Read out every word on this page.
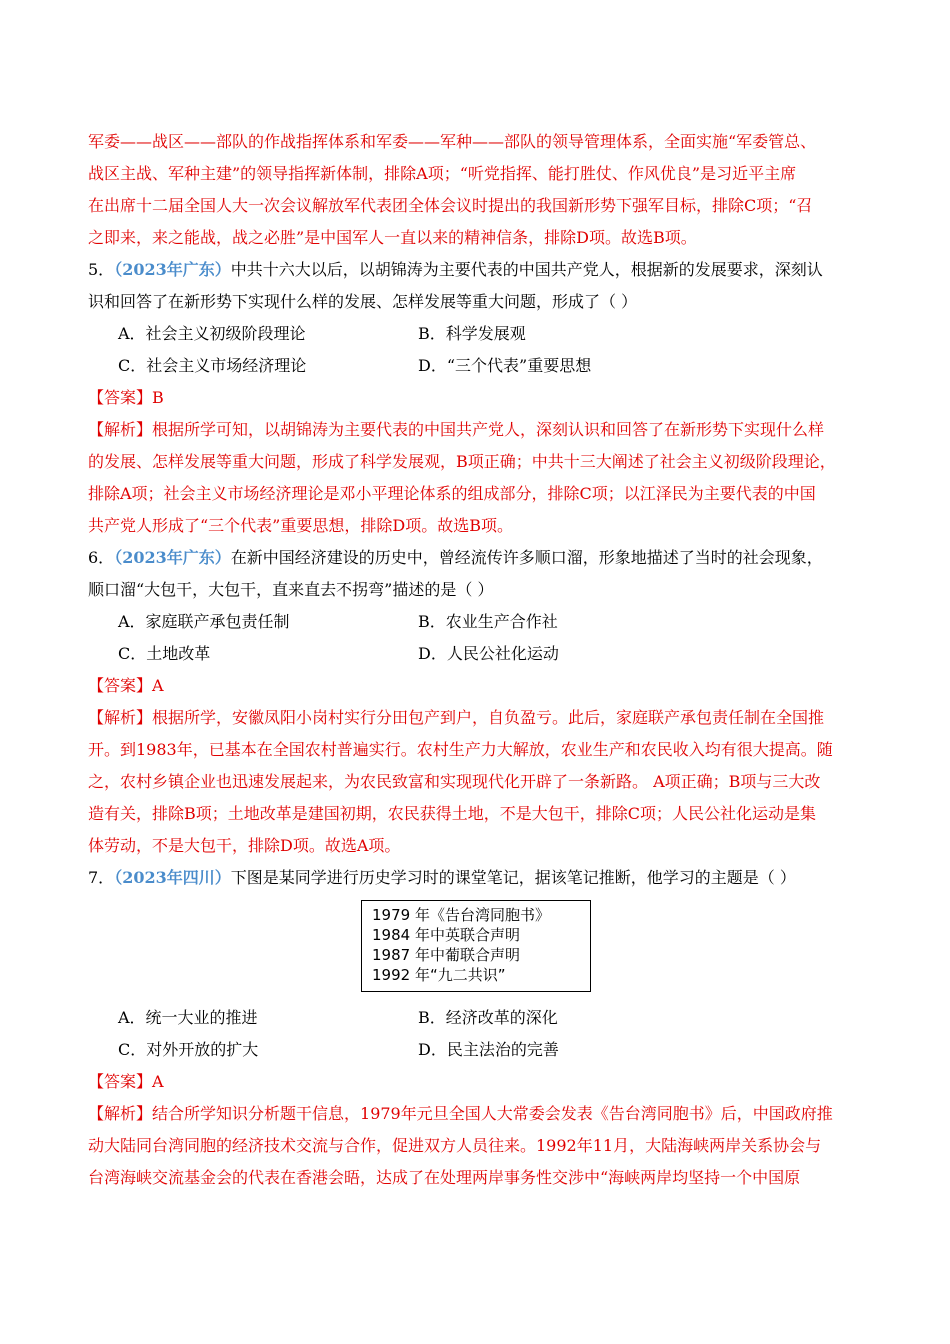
军委——战区——部队的作战指挥体系和军委——军种——部队的领导管理体系，全面实施“军委管总、
战区主战、军种主建”的领导指挥新体制，排除A项；“听党指挥、能打胜仗、作风优良”是习近平主席
在出席十二届全国人大一次会议解放军代表团全体会议时提出的我国新形势下强军目标，排除C项；“召
之即来，来之能战，战之必胜”是中国军人一直以来的精神信条，排除D项。故选B项。
5．（2023年广东）中共十六大以后，以胡锦涛为主要代表的中国共产党人，根据新的发展要求，深刻认
识和回答了在新形势下实现什么样的发展、怎样发展等重大问题，形成了（ ）
A．社会主义初级阶段理论	B．科学发展观
C．社会主义市场经济理论	D．“三个代表”重要思想
【答案】B
【解析】根据所学可知，以胡锦涛为主要代表的中国共产党人，深刻认识和回答了在新形势下实现什么样
的发展、怎样发展等重大问题，形成了科学发展观，B项正确；中共十三大阐述了社会主义初级阶段理论，
排除A项；社会主义市场经济理论是邓小平理论体系的组成部分，排除C项；以江泽民为主要代表的中国
共产党人形成了“三个代表”重要思想，排除D项。故选B项。
6．（2023年广东）在新中国经济建设的历史中，曾经流传许多顺口溜，形象地描述了当时的社会现象，
顺口溜“大包干，大包干，直来直去不拐弯”描述的是（ ）
A．家庭联产承包责任制	B．农业生产合作社
C．土地改革	D．人民公社化运动
【答案】A
【解析】根据所学，安徽凤阳小岗村实行分田包产到户，自负盈亏。此后，家庭联产承包责任制在全国推
开。到1983年，已基本在全国农村普遍实行。农村生产力大解放，农业生产和农民收入均有很大提高。随
之，农村乡镇企业也迅速发展起来，为农民致富和实现现代化开辟了一条新路。 A项正确；B项与三大改
造有关，排除B项；土地改革是建国初期，农民获得土地，不是大包干，排除C项；人民公社化运动是集
体劳动，不是大包干，排除D项。故选A项。
7．（2023年四川）下图是某同学进行历史学习时的课堂笔记，据该笔记推断，他学习的主题是（ ）
1979 年《告台湾同胞书》
1984 年中英联合声明
1987 年中葡联合声明
1992 年“九二共识”
A．统一大业的推进	B．经济改革的深化
C．对外开放的扩大	D．民主法治的完善
【答案】A
【解析】结合所学知识分析题干信息，1979年元旦全国人大常委会发表《告台湾同胞书》后，中国政府推
动大陆同台湾同胞的经济技术交流与合作，促进双方人员往来。1992年11月，大陆海峡两岸关系协会与
台湾海峡交流基金会的代表在香港会晤，达成了在处理两岸事务性交涉中“海峡两岸均坚持一个中国原
